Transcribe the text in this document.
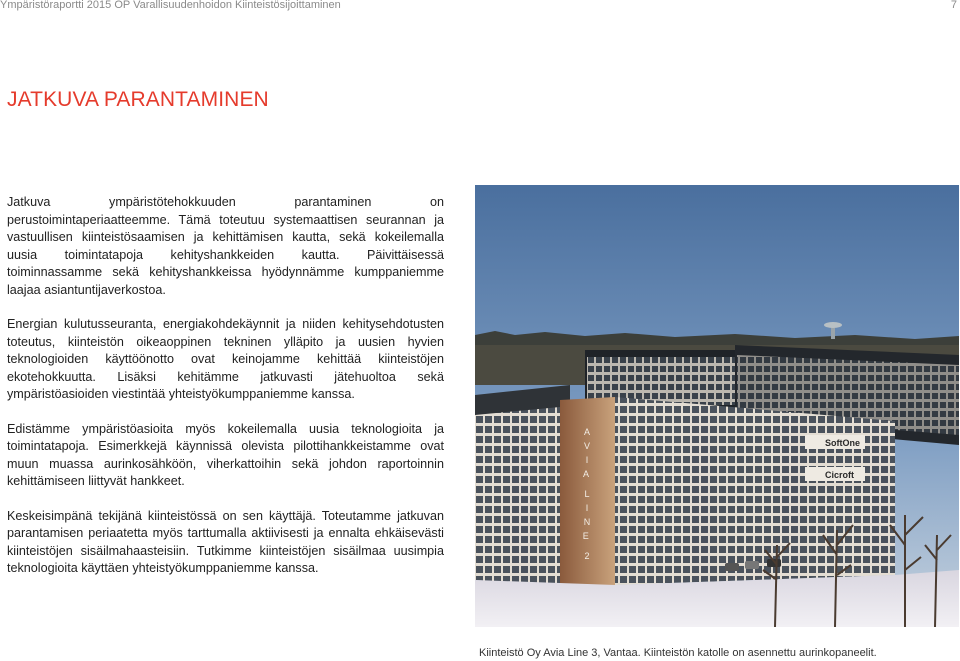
Ympäristöraportti 2015 OP Varallisuudenhoidon Kiinteistösijoittaminen	7
JATKUVA PARANTAMINEN

Jatkuva ympäristötehokkuuden parantaminen on perustoimintaperiaatteemme. Tämä toteutuu systemaattisen seurannan ja vastuullisen kiinteistösaamisen ja kehittämisen kautta, sekä kokeilemalla uusia toimintatapoja kehityshankkeiden kautta. Päivittäisessä toiminnassamme sekä kehityshankkeissa hyödynnämme kumppaniemme laajaa asiantuntijaverkostoa.

Energian kulutusseuranta, energiakohdekäynnit ja niiden kehitysehdotusten toteutus, kiinteistön oikeaoppinen tekninen ylläpito ja uusien hyvien teknologioiden käyttöönotto ovat keinojamme kehittää kiinteistöjen ekotehokkuutta. Lisäksi kehitämme jatkuvasti jätehuoltoa sekä ympäristöasioiden viestintää yhteistyökumppaniemme kanssa.

Edistämme ympäristöasioita myös kokeilemalla uusia teknologioita ja toimintatapoja. Esimerkkejä käynnissä olevista pilottihankkeistamme ovat muun muassa aurinkosähköön, viherkattoihin sekä johdon raportoinnin kehittämiseen liittyvät hankkeet.

Keskeisimpänä tekijänä kiinteistössä on sen käyttäjä. Toteutamme jatkuvan parantamisen periaatetta myös tarttumalla aktiivisesti ja ennalta ehkäisevästi kiinteistöjen sisäilmahaasteisiin. Tutkimme kiinteistöjen sisäilmaa uusimpia teknologioita käyttäen yhteistyökumppaniemme kanssa.

A V I A L I N E 2
SoftOne
Cicroft
Kiinteistö Oy Avia Line 3, Vantaa. Kiinteistön katolle on asennettu aurinkopaneelit.
